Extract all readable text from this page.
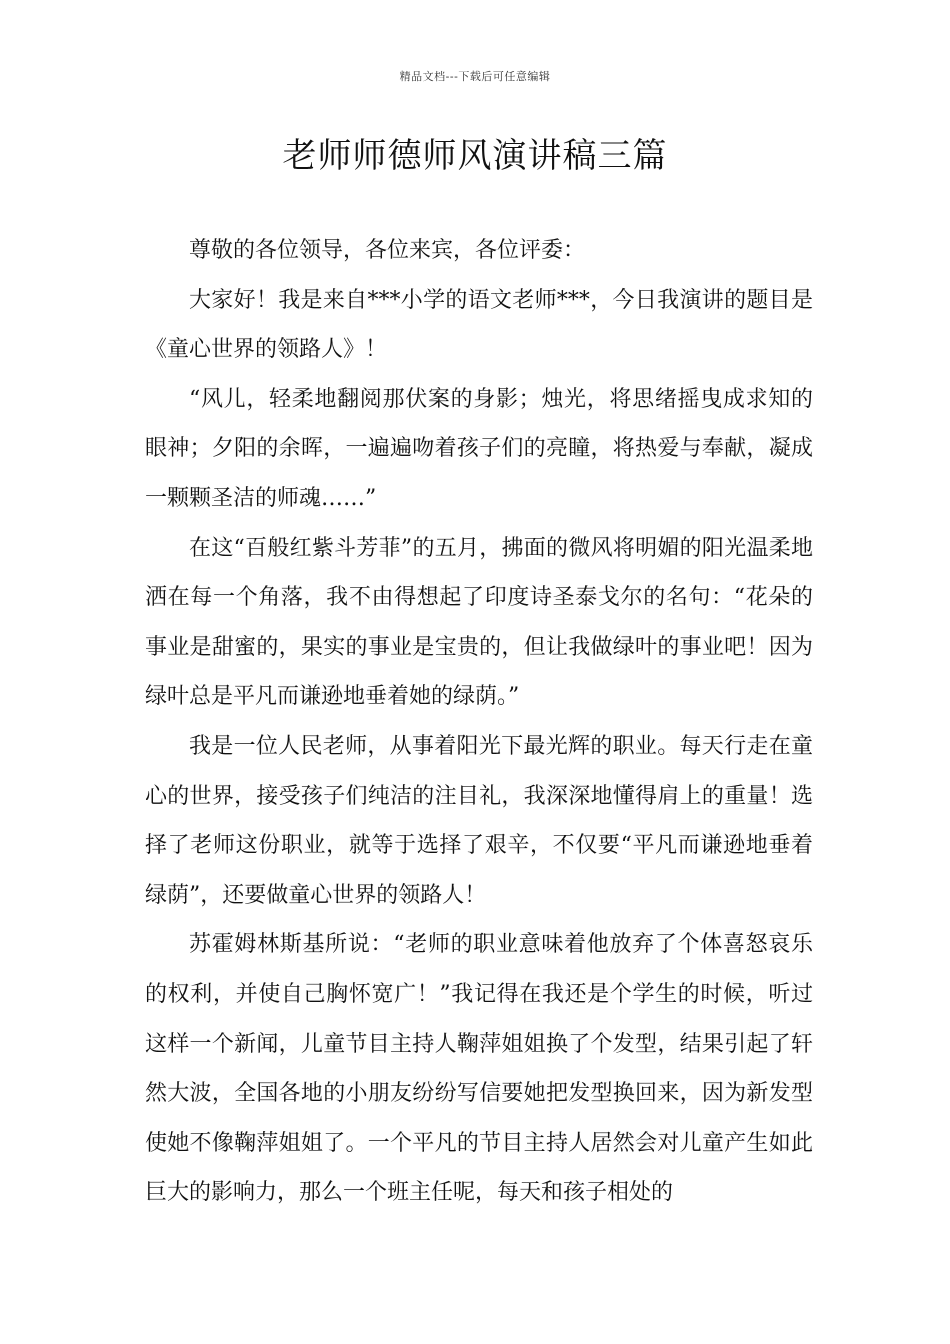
精品文档---下载后可任意编辑
老师师德师风演讲稿三篇

尊敬的各位领导，各位来宾，各位评委：

大家好！我是来自***小学的语文老师***，今日我演讲的题目是《童心世界的领路人》！

“风儿，轻柔地翻阅那伏案的身影；烛光，将思绪摇曳成求知的眼神；夕阳的余晖，一遍遍吻着孩子们的亮瞳，将热爱与奉献，凝成一颗颗圣洁的师魂……”

在这“百般红紫斗芳菲”的五月，拂面的微风将明媚的阳光温柔地洒在每一个角落，我不由得想起了印度诗圣泰戈尔的名句：“花朵的事业是甜蜜的，果实的事业是宝贵的，但让我做绿叶的事业吧！因为绿叶总是平凡而谦逊地垂着她的绿荫。”

我是一位人民老师，从事着阳光下最光辉的职业。每天行走在童心的世界，接受孩子们纯洁的注目礼，我深深地懂得肩上的重量！选择了老师这份职业，就等于选择了艰辛，不仅要“平凡而谦逊地垂着绿荫”，还要做童心世界的领路人！

苏霍姆林斯基所说：“老师的职业意味着他放弃了个体喜怒哀乐的权利，并使自己胸怀宽广！”我记得在我还是个学生的时候，听过这样一个新闻，儿童节目主持人鞠萍姐姐换了个发型，结果引起了轩然大波，全国各地的小朋友纷纷写信要她把发型换回来，因为新发型使她不像鞠萍姐姐了。一个平凡的节目主持人居然会对儿童产生如此巨大的影响力，那么一个班主任呢，每天和孩子相处的
